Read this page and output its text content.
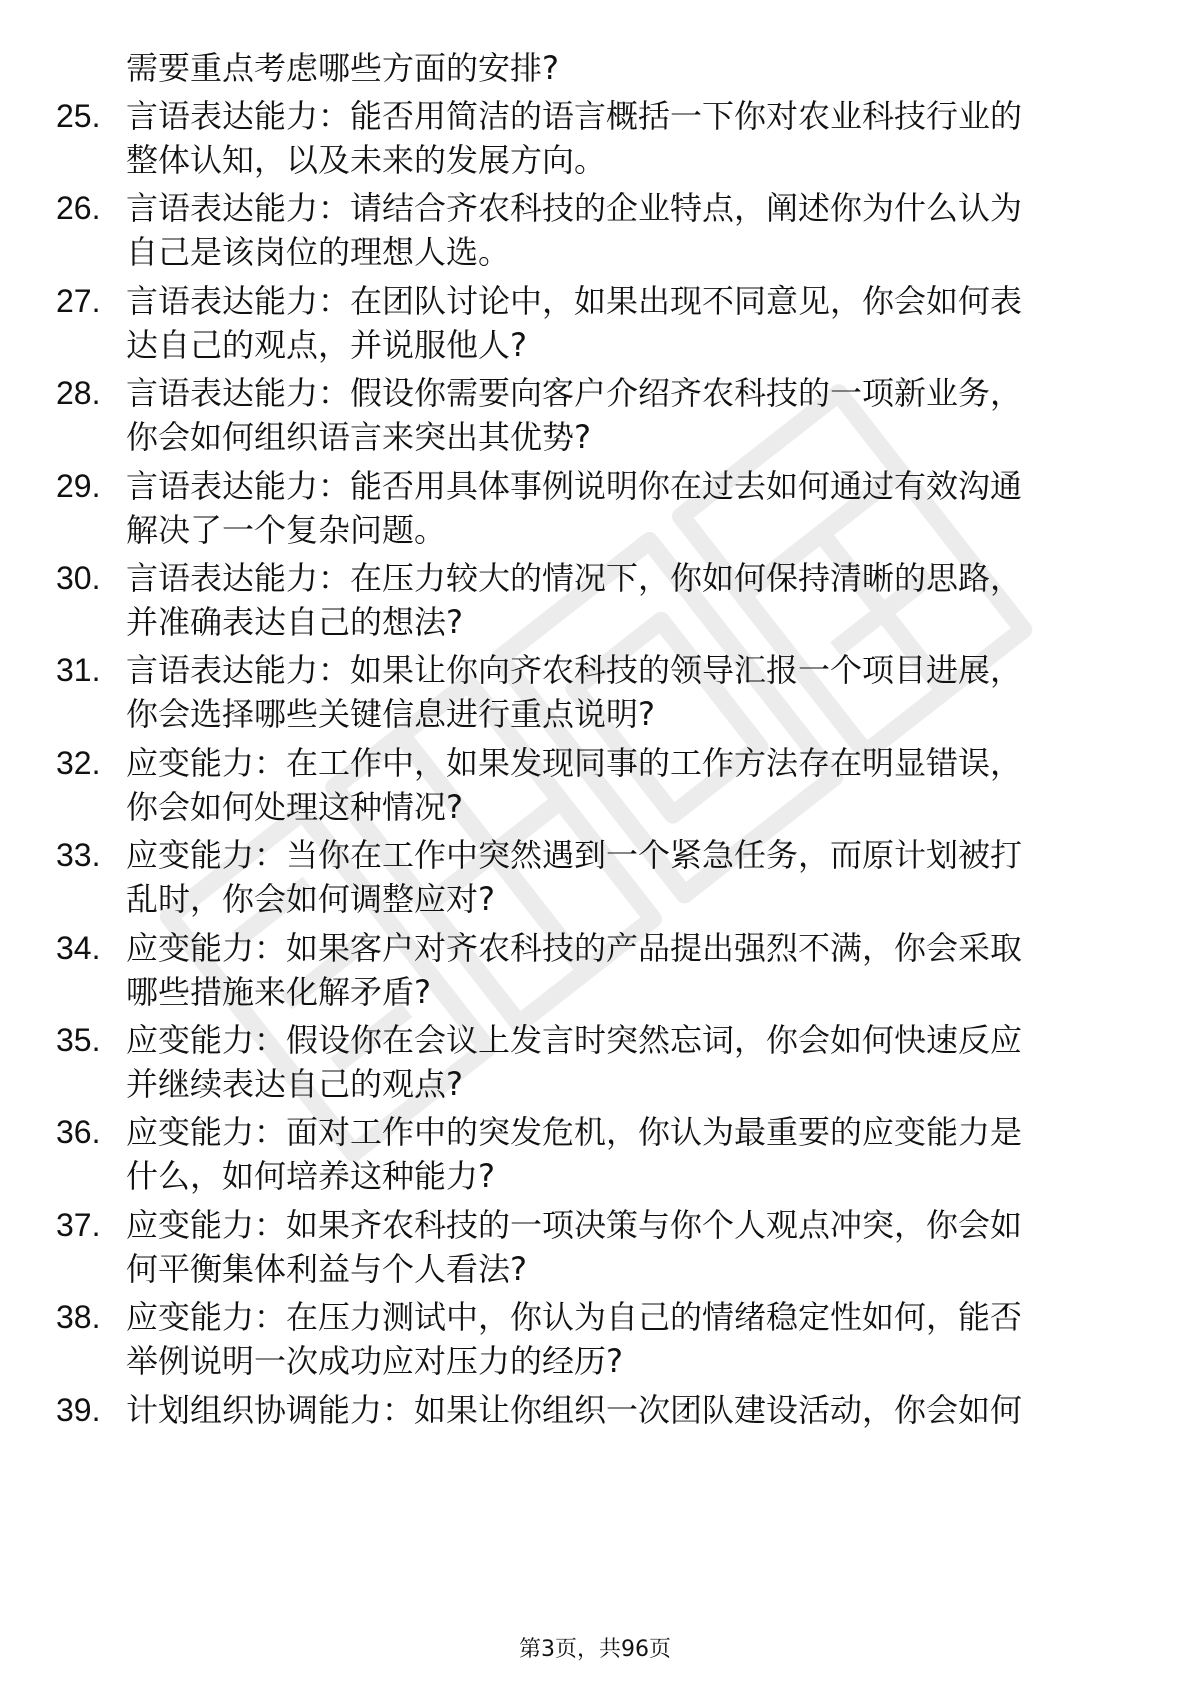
需要重点考虑哪些方面的安排?
25. 言语表达能力：能否用简洁的语言概括一下你对农业科技行业的
整体认知，以及未来的发展方向。
26. 言语表达能力：请结合齐农科技的企业特点，阐述你为什么认为
自己是该岗位的理想人选。
27. 言语表达能力：在团队讨论中，如果出现不同意见，你会如何表
达自己的观点，并说服他人?
28. 言语表达能力：假设你需要向客户介绍齐农科技的一项新业务，
你会如何组织语言来突出其优势?
29. 言语表达能力：能否用具体事例说明你在过去如何通过有效沟通
解决了一个复杂问题。
30. 言语表达能力：在压力较大的情况下，你如何保持清晰的思路，
并准确表达自己的想法?
31. 言语表达能力：如果让你向齐农科技的领导汇报一个项目进展，
你会选择哪些关键信息进行重点说明?
32. 应变能力：在工作中，如果发现同事的工作方法存在明显错误，
你会如何处理这种情况?
33. 应变能力：当你在工作中突然遇到一个紧急任务，而原计划被打
乱时，你会如何调整应对?
34. 应变能力：如果客户对齐农科技的产品提出强烈不满，你会采取
哪些措施来化解矛盾?
35. 应变能力：假设你在会议上发言时突然忘词，你会如何快速反应
并继续表达自己的观点?
36. 应变能力：面对工作中的突发危机，你认为最重要的应变能力是
什么，如何培养这种能力?
37. 应变能力：如果齐农科技的一项决策与你个人观点冲突，你会如
何平衡集体利益与个人看法?
38. 应变能力：在压力测试中，你认为自己的情绪稳定性如何，能否
举例说明一次成功应对压力的经历?
39. 计划组织协调能力：如果让你组织一次团队建设活动，你会如何
第3页，共96页
